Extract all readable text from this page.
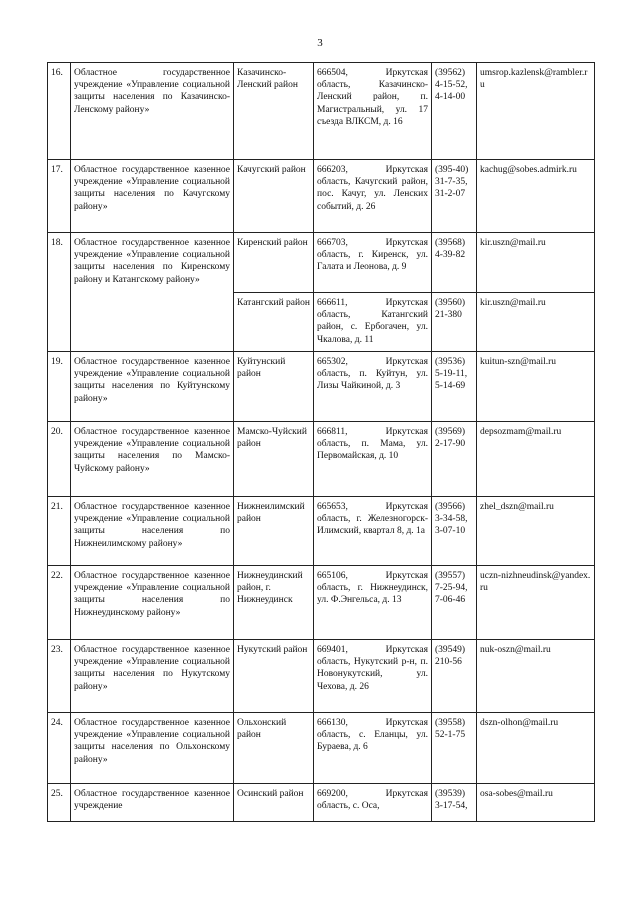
3
16.	Областное государственное учреждение «Управление социальной защиты населения по Казачинско-Ленскому району»	Казачинско-Ленский район	666504, Иркутская область, Казачинско-Ленский район, п. Магистральный, ул. 17 съезда ВЛКСМ, д. 16	(39562) 4-15-52, 4-14-00	umsrop.kazlensk@rambler.ru
17.	Областное государственное казенное учреждение «Управление социальной защиты населения по Качугскому району»	Качугский район	666203, Иркутская область, Качугский район, пос. Качуг, ул. Ленских событий, д. 26	(395-40) 31-7-35, 31-2-07	kachug@sobes.admirk.ru
18.	Областное государственное казенное учреждение «Управление социальной защиты населения по Киренскому району и Катангскому району»	Киренский район	666703, Иркутская область, г. Киренск, ул. Галата и Леонова, д. 9	(39568) 4-39-82	kir.uszn@mail.ru
		Катангский район	666611, Иркутская область, Катангский район, с. Ербогачен, ул. Чкалова, д. 11	(39560) 21-380	kir.uszn@mail.ru
19.	Областное государственное казенное учреждение «Управление социальной защиты населения по Куйтунскому району»	Куйтунский район	665302, Иркутская область, п. Куйтун, ул. Лизы Чайкиной, д. 3	(39536) 5-19-11, 5-14-69	kuitun-szn@mail.ru
20.	Областное государственное казенное учреждение «Управление социальной защиты населения по Мамско-Чуйскому району»	Мамско-Чуйский район	666811, Иркутская область, п. Мама, ул. Первомайская, д. 10	(39569) 2-17-90	depsozmam@mail.ru
21.	Областное государственное казенное учреждение «Управление социальной защиты населения по Нижнеилимскому району»	Нижнеилимский район	665653, Иркутская область, г. Железногорск-Илимский, квартал 8, д. 1а	(39566) 3-34-58, 3-07-10	zhel_dszn@mail.ru
22.	Областное государственное казенное учреждение «Управление социальной защиты населения по Нижнеудинскому району»	Нижнеудинский район, г. Нижнеудинск	665106, Иркутская область, г. Нижнеудинск, ул. Ф.Энгельса, д. 13	(39557) 7-25-94, 7-06-46	uczn-nizhneudinsk@yandex.ru
23.	Областное государственное казенное учреждение «Управление социальной защиты населения по Нукутскому району»	Нукутский район	669401, Иркутская область, Нукутский р-н, п. Новонукутский, ул. Чехова, д. 26	(39549) 210-56	nuk-oszn@mail.ru
24.	Областное государственное казенное учреждение «Управление социальной защиты населения по Ольхонскому району»	Ольхонский район	666130, Иркутская область, с. Еланцы, ул. Бураева, д. 6	(39558) 52-1-75	dszn-olhon@mail.ru
25.	Областное государственное казенное учреждение	Осинский район	669200, Иркутская область, с. Оса,	(39539) 3-17-54,	osa-sobes@mail.ru
